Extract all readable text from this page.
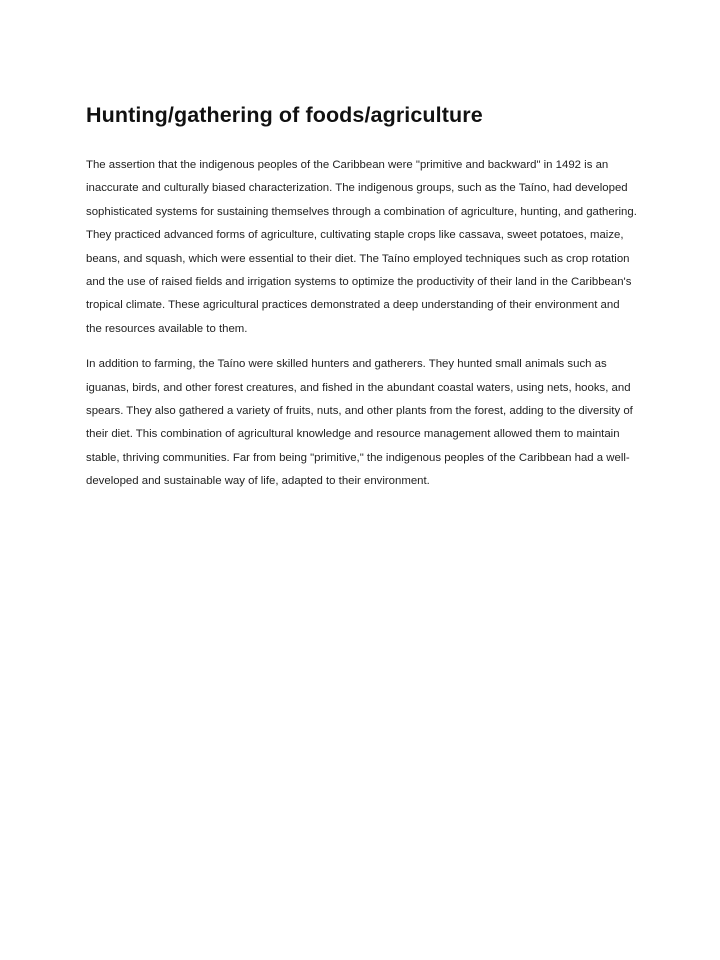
Hunting/gathering of foods/agriculture

The assertion that the indigenous peoples of the Caribbean were "primitive and backward" in 1492 is an inaccurate and culturally biased characterization. The indigenous groups, such as the Taíno, had developed sophisticated systems for sustaining themselves through a combination of agriculture, hunting, and gathering. They practiced advanced forms of agriculture, cultivating staple crops like cassava, sweet potatoes, maize, beans, and squash, which were essential to their diet. The Taíno employed techniques such as crop rotation and the use of raised fields and irrigation systems to optimize the productivity of their land in the Caribbean's tropical climate. These agricultural practices demonstrated a deep understanding of their environment and the resources available to them.

In addition to farming, the Taíno were skilled hunters and gatherers. They hunted small animals such as iguanas, birds, and other forest creatures, and fished in the abundant coastal waters, using nets, hooks, and spears. They also gathered a variety of fruits, nuts, and other plants from the forest, adding to the diversity of their diet. This combination of agricultural knowledge and resource management allowed them to maintain stable, thriving communities. Far from being "primitive," the indigenous peoples of the Caribbean had a well-developed and sustainable way of life, adapted to their environment.
